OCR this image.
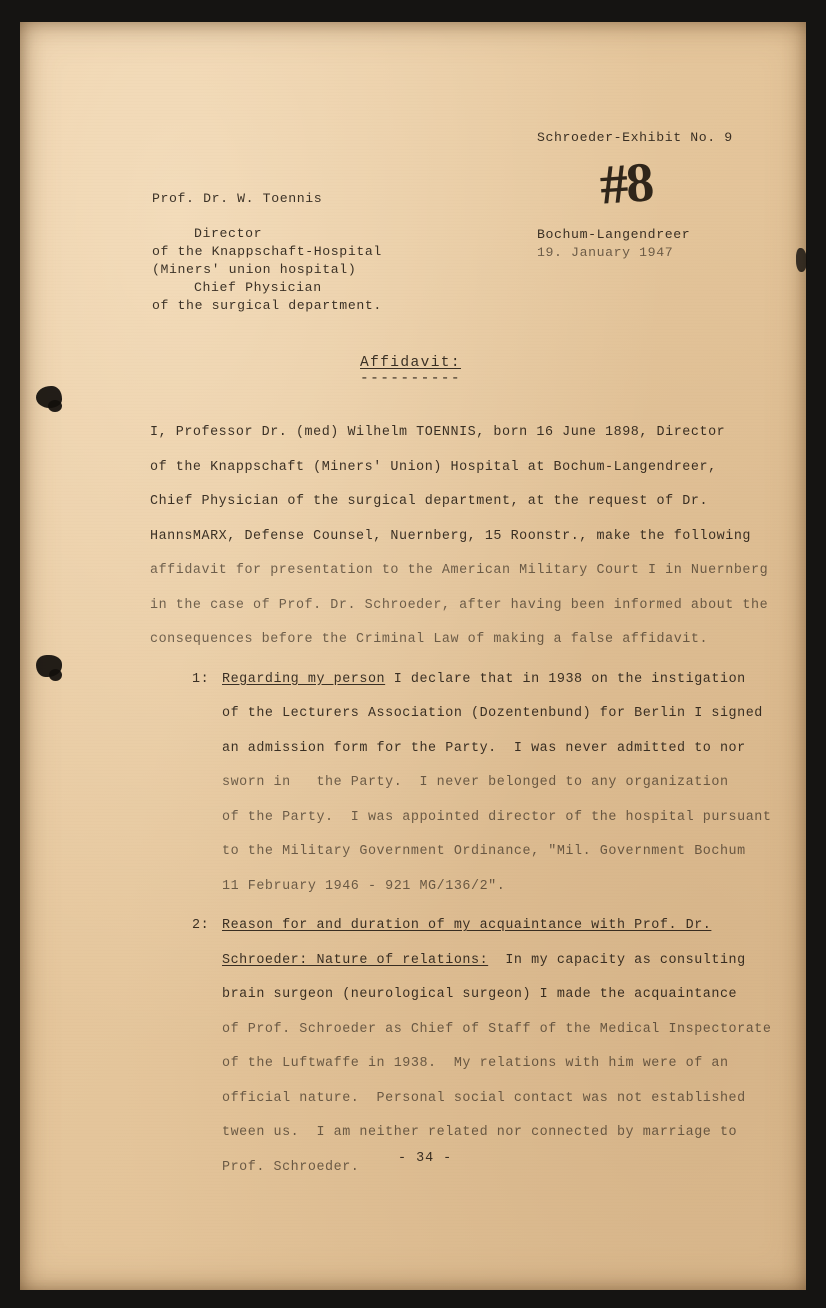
Schroeder-Exhibit No. 9
#8
Prof. Dr. W. Toennis
Director
of the Knappschaft-Hospital
(Miners' union hospital)
Chief Physician
of the surgical department.
Bochum-Langendreer
19. January 1947
Affidavit:
----------
I, Professor Dr. (med) Wilhelm TOENNIS, born 16 June 1898, Director
of the Knappschaft (Miners' Union) Hospital at Bochum-Langendreer,
Chief Physician of the surgical department, at the request of Dr.
HannsMARX, Defense Counsel, Nuernberg, 15 Roonstr., make the following
affidavit for presentation to the American Military Court I in Nuernberg
in the case of Prof. Dr. Schroeder, after having been informed about the
consequences before the Criminal Law of making a false affidavit.
1: Regarding my person I declare that in 1938 on the instigation
of the Lecturers Association (Dozentenbund) for Berlin I signed
an admission form for the Party.  I was never admitted to nor
sworn in   the Party.  I never belonged to any organization
of the Party.  I was appointed director of the hospital pursuant
to the Military Government Ordinance, "Mil. Government Bochum
11 February 1946 - 921 MG/136/2".
2: Reason for and duration of my acquaintance with Prof. Dr.
Schroeder: Nature of relations:  In my capacity as consulting
brain surgeon (neurological surgeon) I made the acquaintance
of Prof. Schroeder as Chief of Staff of the Medical Inspectorate
of the Luftwaffe in 1938.  My relations with him were of an
official nature.  Personal social contact was not established
tween us.  I am neither related nor connected by marriage to
Prof. Schroeder.
- 34 -
